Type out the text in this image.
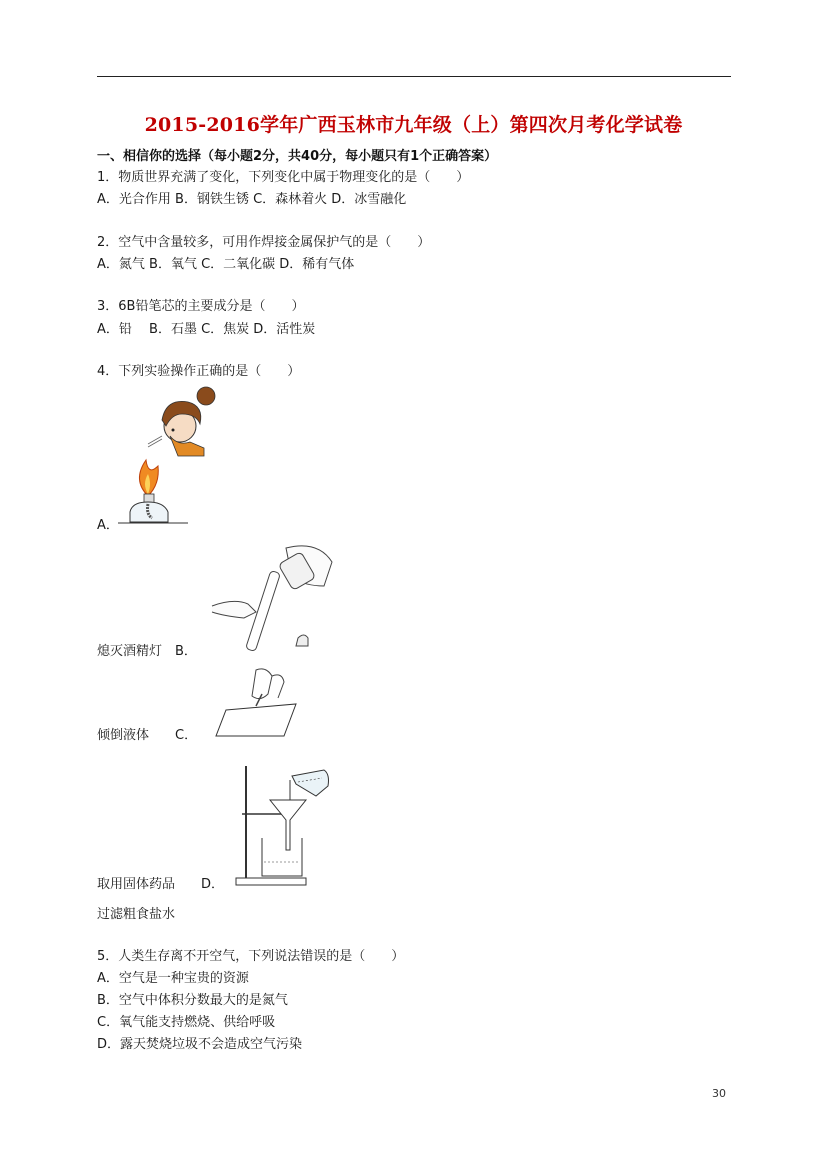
2015-2016学年广西玉林市九年级（上）第四次月考化学试卷
一、相信你的选择（每小题2分，共40分，每小题只有1个正确答案）
1．物质世界充满了变化，下列变化中属于物理变化的是（　　）
A．光合作用 B．钢铁生锈 C．森林着火 D．冰雪融化
2．空气中含量较多，可用作焊接金属保护气的是（　　）
A．氮气 B．氧气 C．二氧化碳 D．稀有气体
3．6B铅笔芯的主要成分是（　　）
A．铅　 B．石墨 C．焦炭 D．活性炭
4．下列实验操作正确的是（　　）
A．
熄灭酒精灯　B．
倾倒液体　　C．
取用固体药品　　D．
过滤粗食盐水
5．人类生存离不开空气，下列说法错误的是（　　）
A．空气是一种宝贵的资源
B．空气中体积分数最大的是氮气
C．氧气能支持燃烧、供给呼吸
D．露天焚烧垃圾不会造成空气污染
30
